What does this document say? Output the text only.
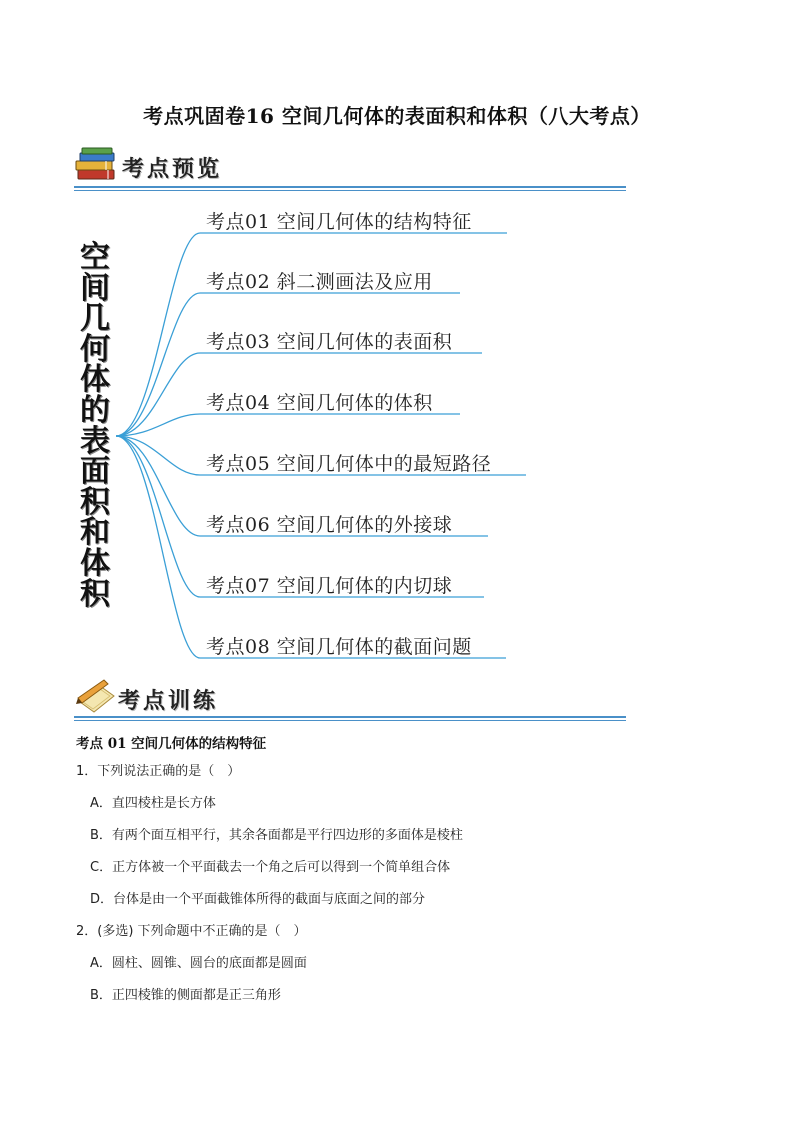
考点巩固卷16 空间几何体的表面积和体积（八大考点）
考点预览
空
间
几
何
体
的
表
面
积
和
体
积
考点01 空间几何体的结构特征
考点02 斜二测画法及应用
考点03 空间几何体的表面积
考点04 空间几何体的体积
考点05 空间几何体中的最短路径
考点06 空间几何体的外接球
考点07 空间几何体的内切球
考点08 空间几何体的截面问题
考点训练
考点 01 空间几何体的结构特征
1．下列说法正确的是（　）
A．直四棱柱是长方体
B．有两个面互相平行，其余各面都是平行四边形的多面体是棱柱
C．正方体被一个平面截去一个角之后可以得到一个简单组合体
D．台体是由一个平面截锥体所得的截面与底面之间的部分
2．(多选) 下列命题中不正确的是（　）
A．圆柱、圆锥、圆台的底面都是圆面
B．正四棱锥的侧面都是正三角形
